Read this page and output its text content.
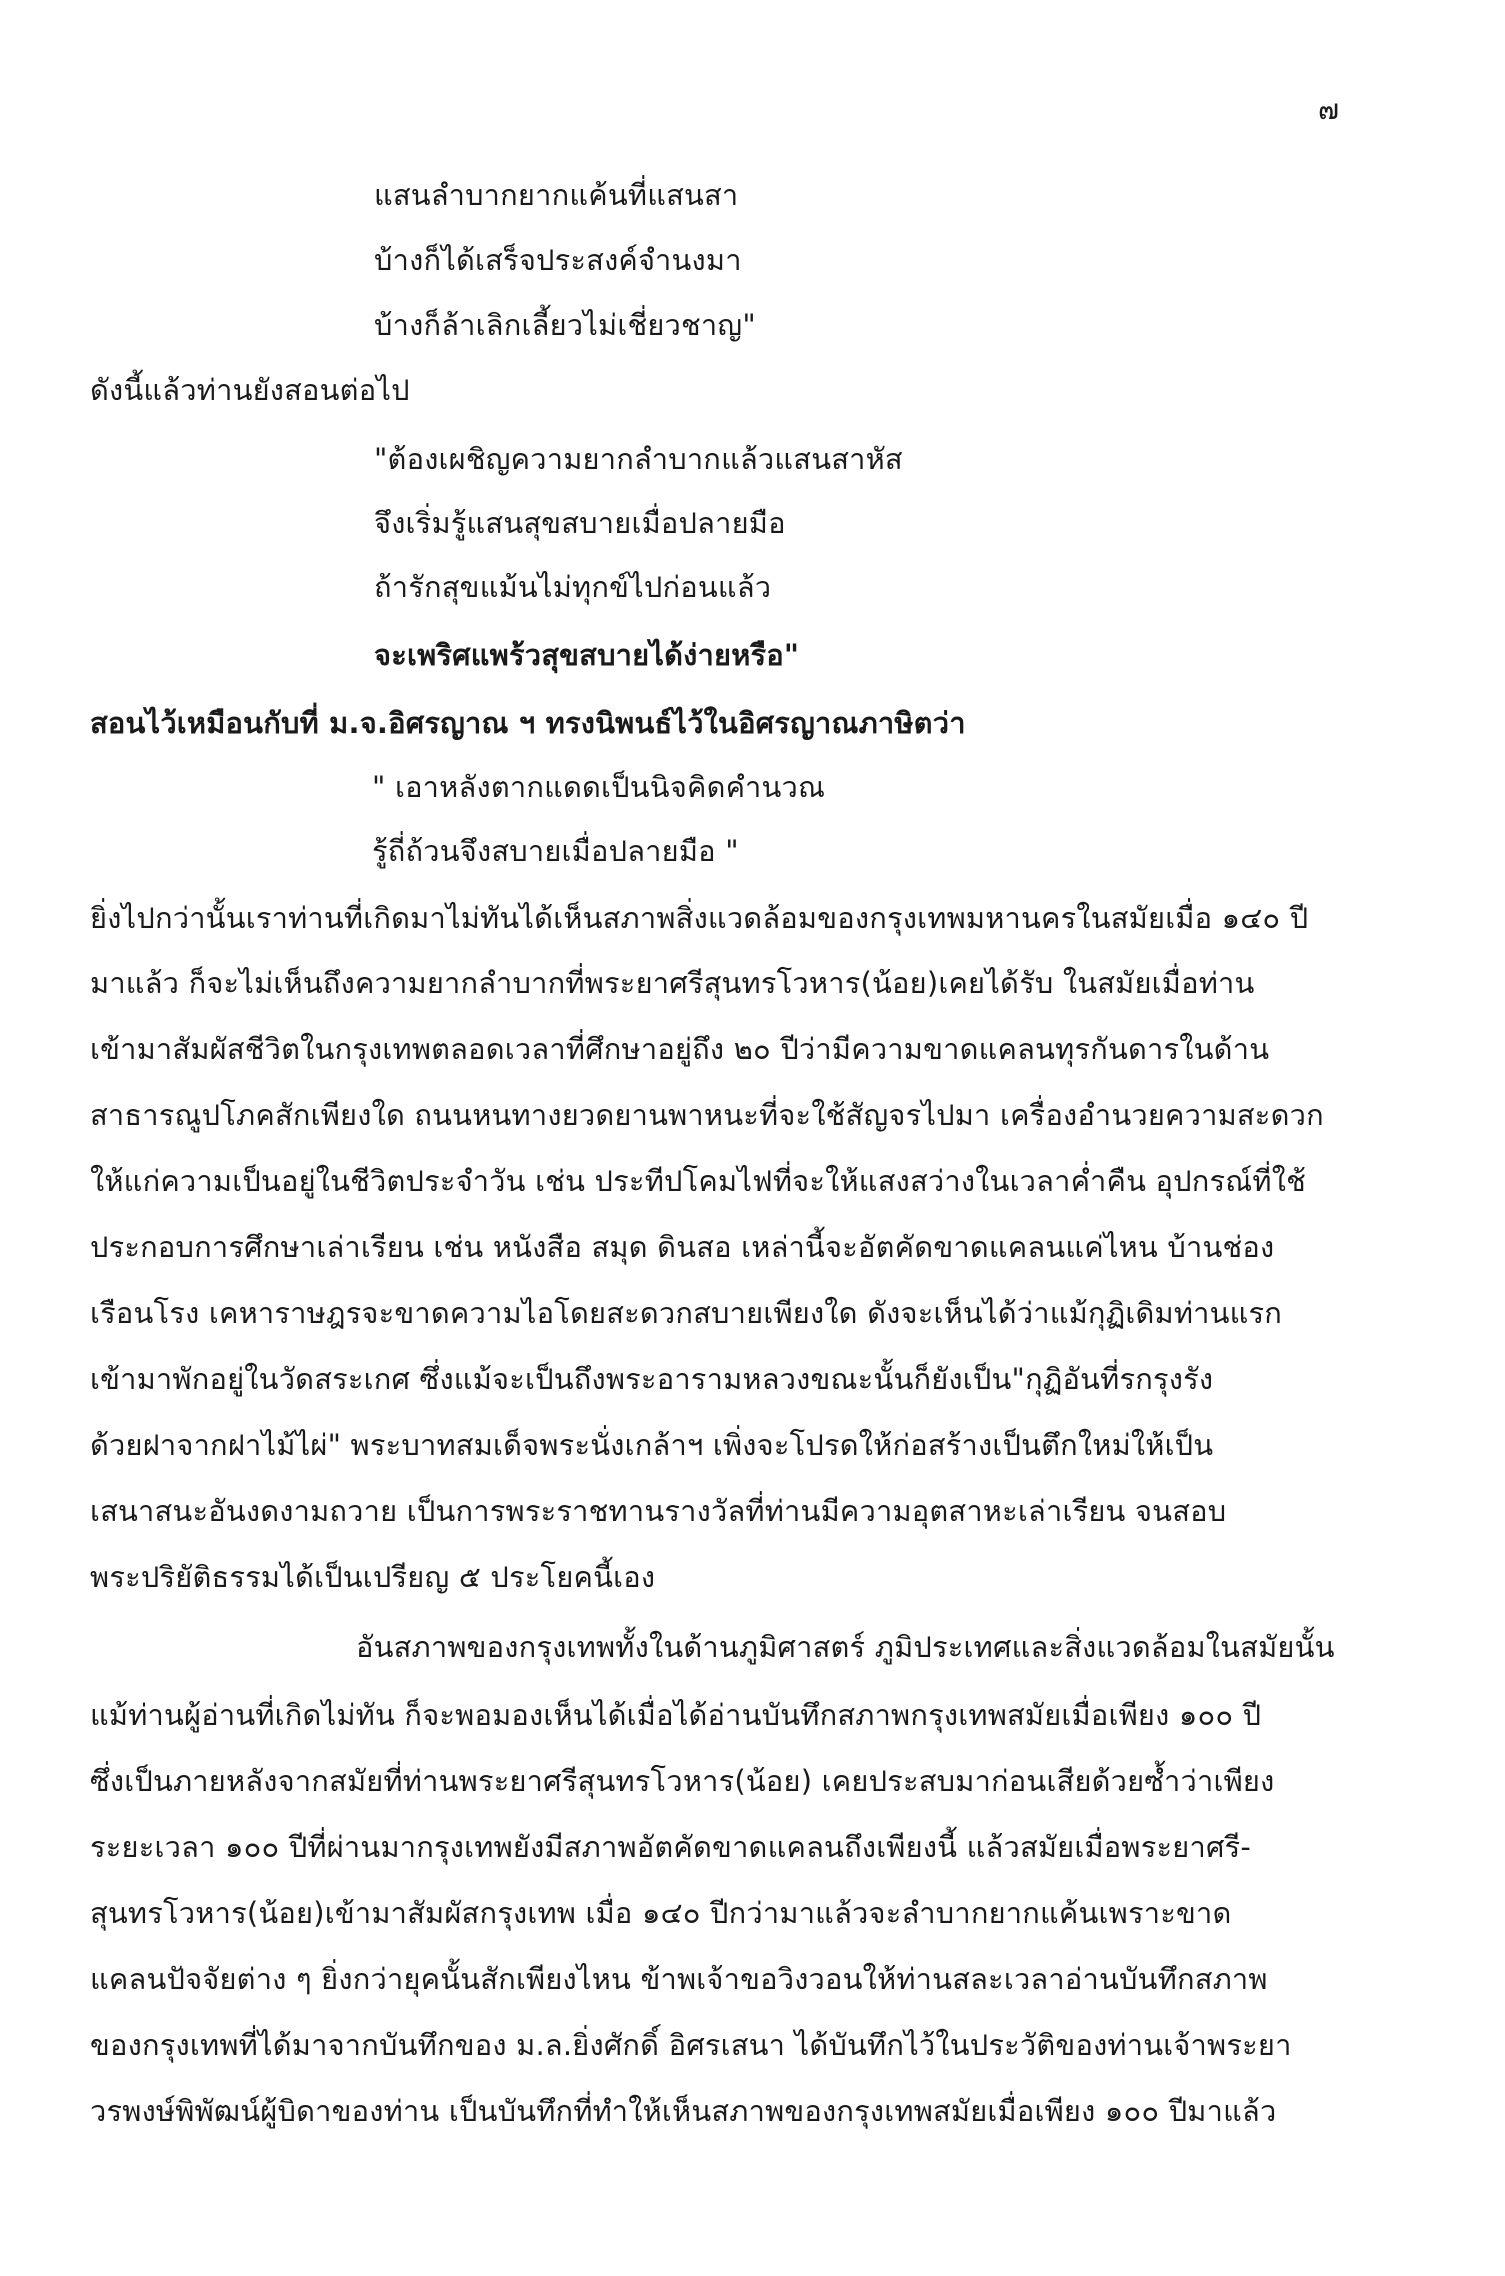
๗
แสนลำบากยากแค้นที่แสนสา
บ้างก็ได้เสร็จประสงค์จำนงมา
บ้างก็ล้าเลิกเลี้ยวไม่เชี่ยวชาญ"
ดังนี้แล้วท่านยังสอนต่อไป
"ต้องเผชิญความยากลำบากแล้วแสนสาหัส
จึงเริ่มรู้แสนสุขสบายเมื่อปลายมือ
ถ้ารักสุขแม้นไม่ทุกข์ไปก่อนแล้ว
จะเพริศแพร้วสุขสบายได้ง่ายหรือ"
สอนไว้เหมือนกับที่ ม.จ.อิศรญาณ ฯ ทรงนิพนธ์ไว้ในอิศรญาณภาษิตว่า
" เอาหลังตากแดดเป็นนิจคิดคำนวณ
รู้ถี่ถ้วนจึงสบายเมื่อปลายมือ "
ยิ่งไปกว่านั้นเราท่านที่เกิดมาไม่ทันได้เห็นสภาพสิ่งแวดล้อมของกรุงเทพมหานครในสมัยเมื่อ ๑๔๐ ปี
มาแล้ว ก็จะไม่เห็นถึงความยากลำบากที่พระยาศรีสุนทรโวหาร(น้อย)เคยได้รับ ในสมัยเมื่อท่าน
เข้ามาสัมผัสชีวิตในกรุงเทพตลอดเวลาที่ศึกษาอยู่ถึง ๒๐ ปีว่ามีความขาดแคลนทุรกันดารในด้าน
สาธารณูปโภคสักเพียงใด ถนนหนทางยวดยานพาหนะที่จะใช้สัญจรไปมา เครื่องอำนวยความสะดวก
ให้แก่ความเป็นอยู่ในชีวิตประจำวัน เช่น ประทีปโคมไฟที่จะให้แสงสว่างในเวลาค่ำคืน อุปกรณ์ที่ใช้
ประกอบการศึกษาเล่าเรียน เช่น หนังสือ สมุด ดินสอ เหล่านี้จะอัตคัดขาดแคลนแค่ไหน บ้านช่อง
เรือนโรง เคหาราษฎรจะขาดความไอโดยสะดวกสบายเพียงใด ดังจะเห็นได้ว่าแม้กุฏิเดิมท่านแรก
เข้ามาพักอยู่ในวัดสระเกศ ซึ่งแม้จะเป็นถึงพระอารามหลวงขณะนั้นก็ยังเป็น"กุฏิอันที่รกรุงรัง
ด้วยฝาจากฝาไม้ไผ่" พระบาทสมเด็จพระนั่งเกล้าฯ เพิ่งจะโปรดให้ก่อสร้างเป็นตึกใหม่ให้เป็น
เสนาสนะอันงดงามถวาย เป็นการพระราชทานรางวัลที่ท่านมีความอุตสาหะเล่าเรียน จนสอบ
พระปริยัติธรรมได้เป็นเปรียญ ๕ ประโยคนี้เอง
อันสภาพของกรุงเทพทั้งในด้านภูมิศาสตร์ ภูมิประเทศและสิ่งแวดล้อมในสมัยนั้น
แม้ท่านผู้อ่านที่เกิดไม่ทัน ก็จะพอมองเห็นได้เมื่อได้อ่านบันทึกสภาพกรุงเทพสมัยเมื่อเพียง ๑๐๐ ปี
ซึ่งเป็นภายหลังจากสมัยที่ท่านพระยาศรีสุนทรโวหาร(น้อย) เคยประสบมาก่อนเสียด้วยซ้ำว่าเพียง
ระยะเวลา ๑๐๐ ปีที่ผ่านมากรุงเทพยังมีสภาพอัตคัดขาดแคลนถึงเพียงนี้ แล้วสมัยเมื่อพระยาศรี-
สุนทรโวหาร(น้อย)เข้ามาสัมผัสกรุงเทพ เมื่อ ๑๔๐ ปีกว่ามาแล้วจะลำบากยากแค้นเพราะขาด
แคลนปัจจัยต่าง ๆ ยิ่งกว่ายุคนั้นสักเพียงไหน ข้าพเจ้าขอวิงวอนให้ท่านสละเวลาอ่านบันทึกสภาพ
ของกรุงเทพที่ได้มาจากบันทึกของ ม.ล.ยิ่งศักดิ์ อิศรเสนา ได้บันทึกไว้ในประวัติของท่านเจ้าพระยา
วรพงษ์พิพัฒน์ผู้บิดาของท่าน เป็นบันทึกที่ทำให้เห็นสภาพของกรุงเทพสมัยเมื่อเพียง ๑๐๐ ปีมาแล้ว
